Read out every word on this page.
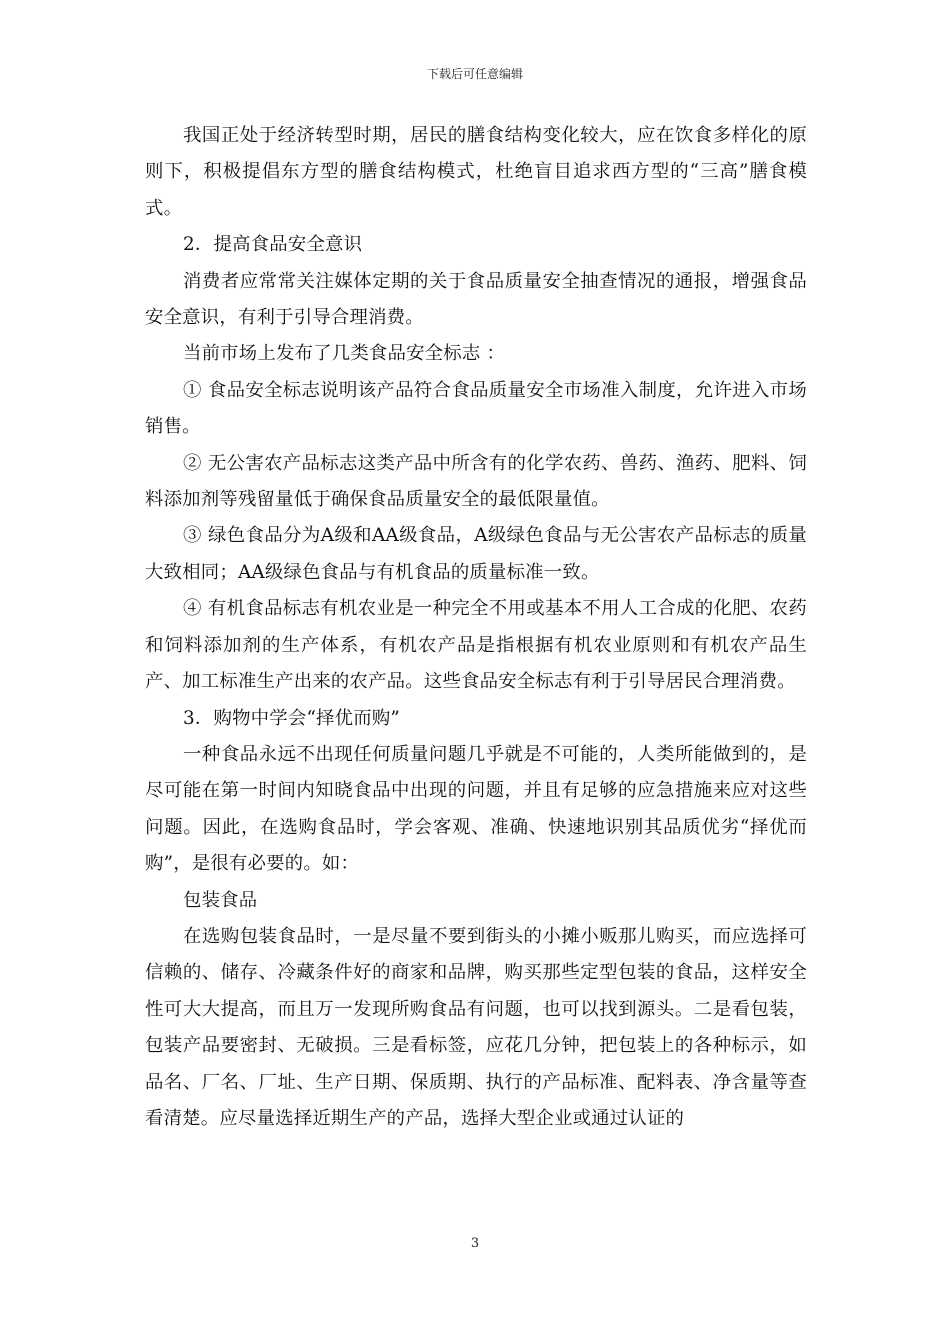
下载后可任意编辑

我国正处于经济转型时期，居民的膳食结构变化较大，应在饮食多样化的原则下，积极提倡东方型的膳食结构模式，杜绝盲目追求西方型的“三高”膳食模式。

2．提高食品安全意识

消费者应常常关注媒体定期的关于食品质量安全抽查情况的通报，增强食品安全意识，有利于引导合理消费。

当前市场上发布了几类食品安全标志 ：

① 食品安全标志说明该产品符合食品质量安全市场准入制度，允许进入市场销售。

② 无公害农产品标志这类产品中所含有的化学农药、兽药、渔药、肥料、饲料添加剂等残留量低于确保食品质量安全的最低限量值。

③ 绿色食品分为A级和AA级食品，A级绿色食品与无公害农产品标志的质量大致相同；AA级绿色食品与有机食品的质量标准一致。

④ 有机食品标志有机农业是一种完全不用或基本不用人工合成的化肥、农药和饲料添加剂的生产体系，有机农产品是指根据有机农业原则和有机农产品生产、加工标准生产出来的农产品。这些食品安全标志有利于引导居民合理消费。

3．购物中学会“择优而购”

一种食品永远不出现任何质量问题几乎就是不可能的，人类所能做到的，是尽可能在第一时间内知晓食品中出现的问题，并且有足够的应急措施来应对这些问题。因此，在选购食品时，学会客观、准确、快速地识别其品质优劣“择优而购”，是很有必要的。如：

包装食品

在选购包装食品时，一是尽量不要到街头的小摊小贩那儿购买，而应选择可信赖的、储存、冷藏条件好的商家和品牌，购买那些定型包装的食品，这样安全性可大大提高，而且万一发现所购食品有问题，也可以找到源头。二是看包装，包装产品要密封、无破损。三是看标签，应花几分钟，把包装上的各种标示，如品名、厂名、厂址、生产日期、保质期、执行的产品标准、配料表、净含量等查看清楚。应尽量选择近期生产的产品，选择大型企业或通过认证的

3
